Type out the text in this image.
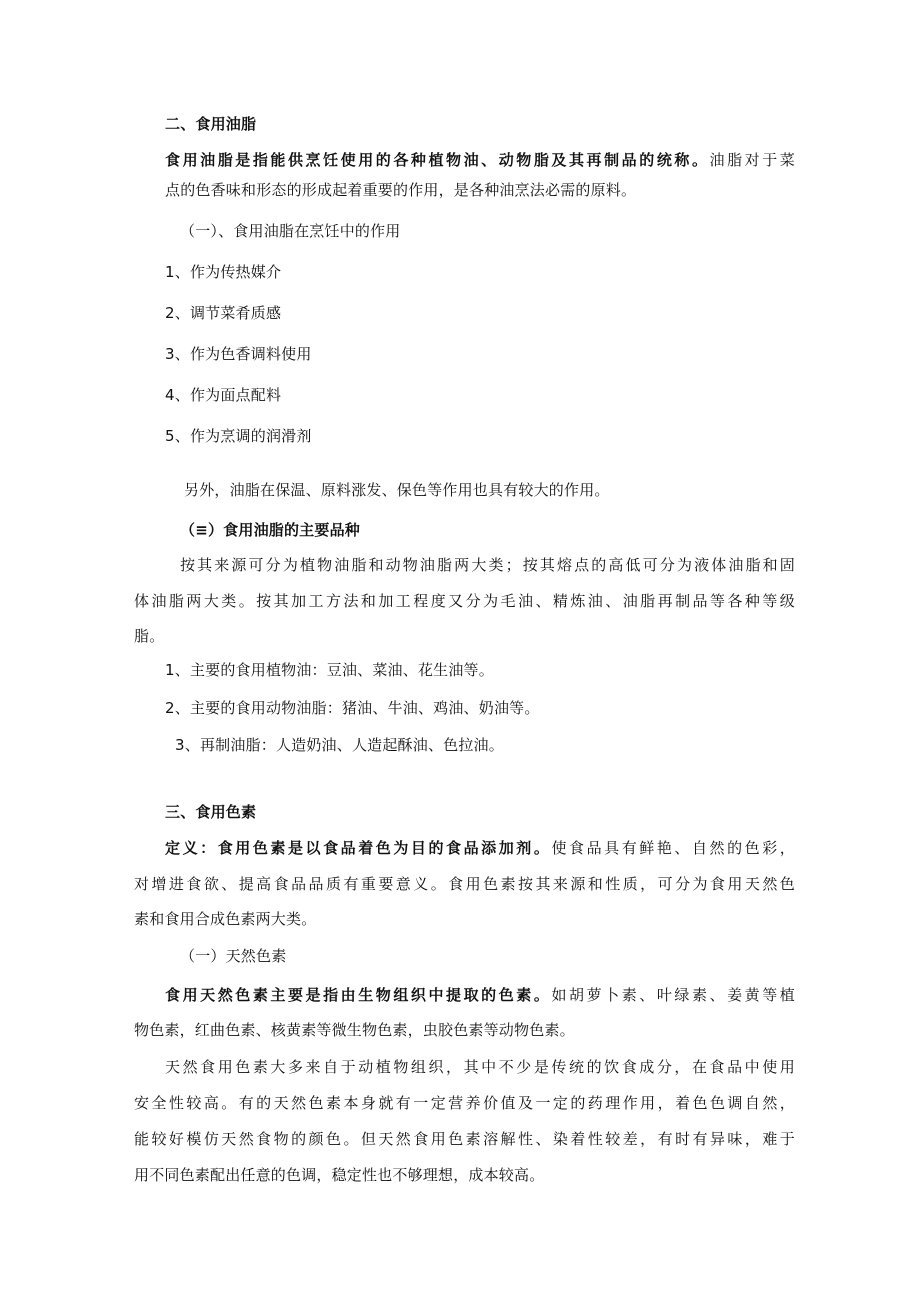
二、食用油脂
食用油脂是指能供烹饪使用的各种植物油、动物脂及其再制品的统称。油脂对于菜
点的色香味和形态的形成起着重要的作用，是各种油烹法必需的原料。
（一）、食用油脂在烹饪中的作用
1、作为传热媒介
2、调节菜肴质感
3、作为色香调料使用
4、作为面点配料
5、作为烹调的润滑剂
另外，油脂在保温、原料涨发、保色等作用也具有较大的作用。
（≡）食用油脂的主要品种
按其来源可分为植物油脂和动物油脂两大类；按其熔点的高低可分为液体油脂和固
体油脂两大类。按其加工方法和加工程度又分为毛油、精炼油、油脂再制品等各种等级
脂。
1、主要的食用植物油：豆油、菜油、花生油等。
2、主要的食用动物油脂：猪油、牛油、鸡油、奶油等。
3、再制油脂：人造奶油、人造起酥油、色拉油。
三、食用色素
定义：食用色素是以食品着色为目的食品添加剂。使食品具有鲜艳、自然的色彩，
对增进食欲、提高食品品质有重要意义。食用色素按其来源和性质，可分为食用天然色
素和食用合成色素两大类。
（一）天然色素
食用天然色素主要是指由生物组织中提取的色素。如胡萝卜素、叶绿素、姜黄等植
物色素，红曲色素、核黄素等微生物色素，虫胶色素等动物色素。
天然食用色素大多来自于动植物组织，其中不少是传统的饮食成分，在食品中使用
安全性较高。有的天然色素本身就有一定营养价值及一定的药理作用，着色色调自然，
能较好模仿天然食物的颜色。但天然食用色素溶解性、染着性较差，有时有异味，难于
用不同色素配出任意的色调，稳定性也不够理想，成本较高。
